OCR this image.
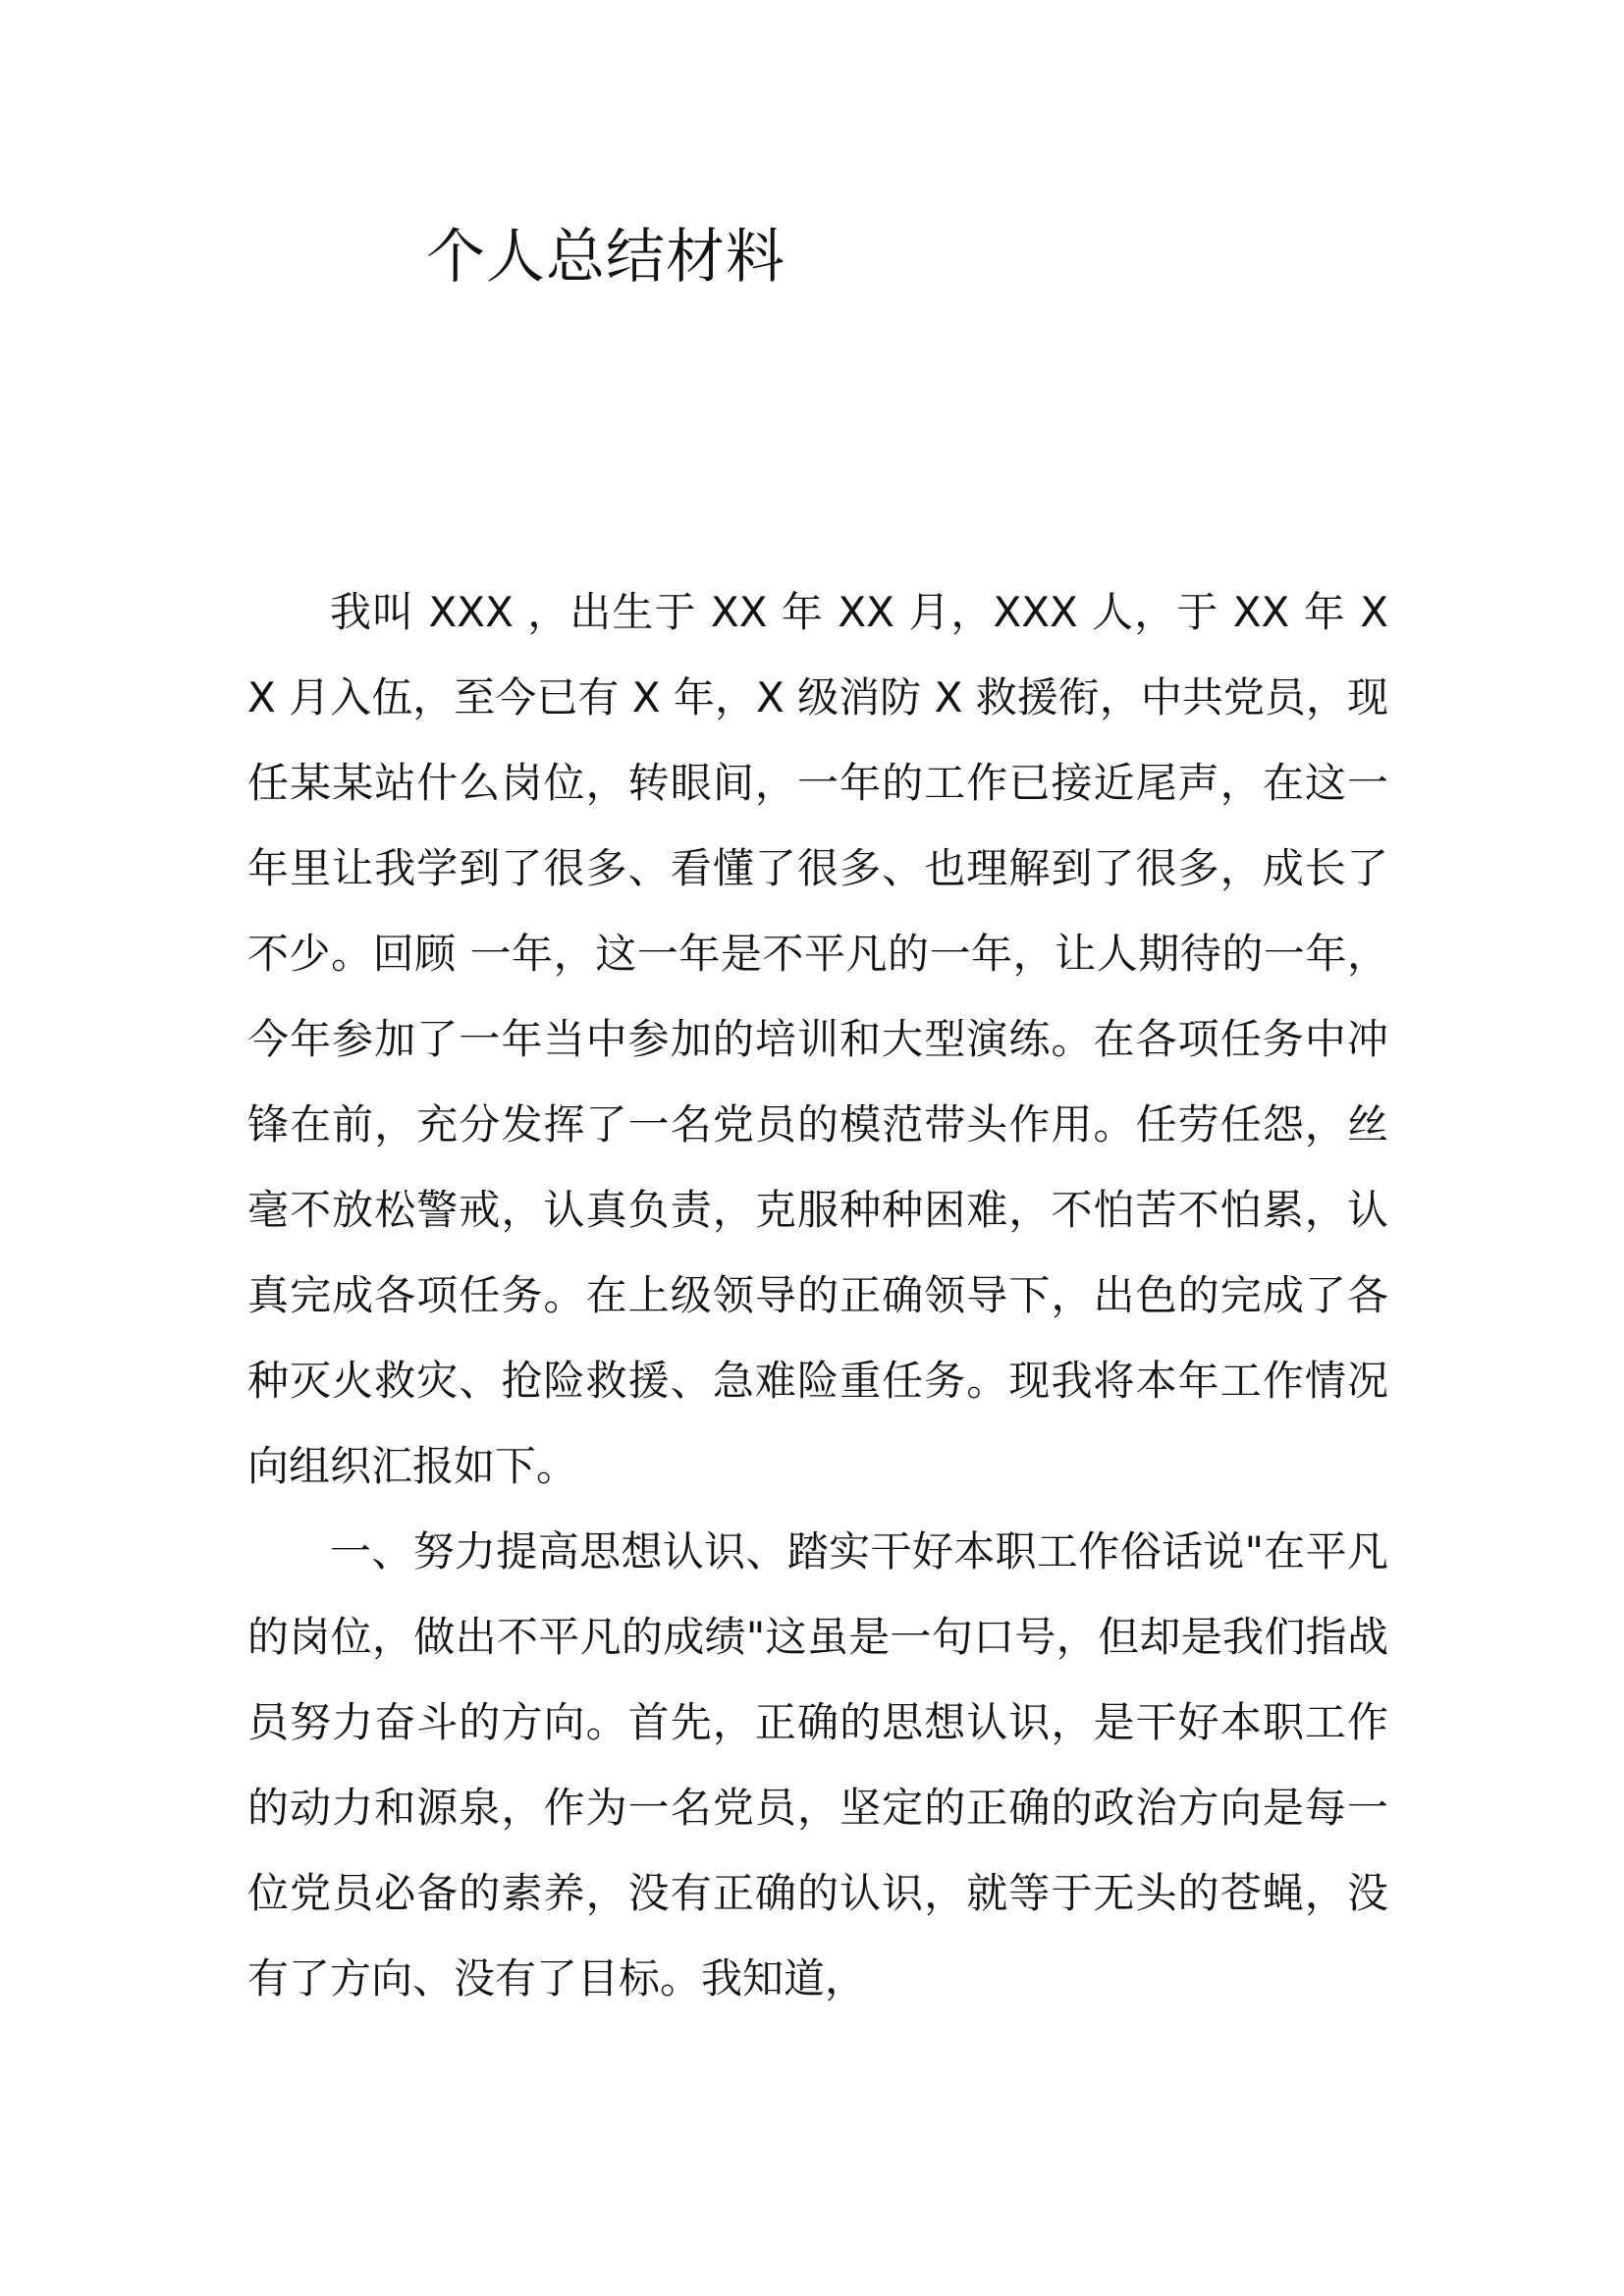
个人总结材料

我叫 XXX ，出生于 XX 年 XX 月，XXX 人，于 XX 年 XX 月入伍，至今已有 X 年，X 级消防 X 救援衔，中共党员，现任某某站什么岗位，转眼间，一年的工作已接近尾声，在这一年里让我学到了很多、看懂了很多、也理解到了很多，成长了不少。回顾 一年，这一年是不平凡的一年，让人期待的一年，今年参加了一年当中参加的培训和大型演练。在各项任务中冲锋在前，充分发挥了一名党员的模范带头作用。任劳任怨，丝毫不放松警戒，认真负责，克服种种困难，不怕苦不怕累，认真完成各项任务。在上级领导的正确领导下，出色的完成了各种灭火救灾、抢险救援、急难险重任务。现我将本年工作情况向组织汇报如下。

一、努力提高思想认识、踏实干好本职工作俗话说"在平凡的岗位，做出不平凡的成绩"这虽是一句口号，但却是我们指战员努力奋斗的方向。首先，正确的思想认识，是干好本职工作的动力和源泉，作为一名党员，坚定的正确的政治方向是每一位党员必备的素养，没有正确的认识，就等于无头的苍蝇，没有了方向、没有了目标。我知道，
